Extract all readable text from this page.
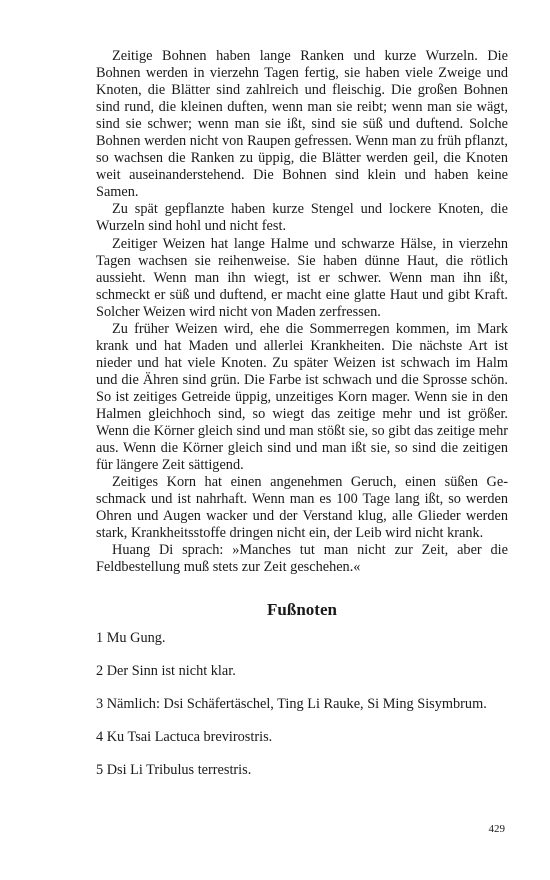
Zeitige Bohnen haben lange Ranken und kurze Wurzeln. Die Bohnen werden in vierzehn Tagen fertig, sie haben viele Zweige und Knoten, die Blätter sind zahlreich und fleischig. Die großen Bohnen sind rund, die kleinen duften, wenn man sie reibt; wenn man sie wägt, sind sie schwer; wenn man sie ißt, sind sie süß und duftend. Solche Bohnen werden nicht von Raupen gefressen. Wenn man zu früh pflanzt, so wachsen die Ranken zu üppig, die Blätter werden geil, die Knoten weit auseinanderstehend. Die Bohnen sind klein und haben keine Samen.

Zu spät gepflanzte haben kurze Stengel und lockere Knoten, die Wurzeln sind hohl und nicht fest.

Zeitiger Weizen hat lange Halme und schwarze Hälse, in vierzehn Tagen wachsen sie reihenweise. Sie haben dünne Haut, die rötlich aussieht. Wenn man ihn wiegt, ist er schwer. Wenn man ihn ißt, schmeckt er süß und duftend, er macht eine glatte Haut und gibt Kraft. Solcher Weizen wird nicht von Maden zerfressen.

Zu früher Weizen wird, ehe die Sommerregen kommen, im Mark krank und hat Maden und allerlei Krankheiten. Die nächste Art ist nieder und hat viele Knoten. Zu später Weizen ist schwach im Halm und die Ähren sind grün. Die Farbe ist schwach und die Sprosse schön. So ist zeitiges Getreide üppig, unzeitiges Korn mager. Wenn sie in den Halmen gleichhoch sind, so wiegt das zeitige mehr und ist größer. Wenn die Körner gleich sind und man stößt sie, so gibt das zeitige mehr aus. Wenn die Körner gleich sind und man ißt sie, so sind die zeitigen für längere Zeit sättigend.

Zeitiges Korn hat einen angenehmen Geruch, einen süßen Geschmack und ist nahrhaft. Wenn man es 100 Tage lang ißt, so werden Ohren und Augen wacker und der Verstand klug, alle Glieder werden stark, Krankheitsstoffe dringen nicht ein, der Leib wird nicht krank.

Huang Di sprach: »Manches tut man nicht zur Zeit, aber die Feldbestellung muß stets zur Zeit geschehen.«

Fußnoten

1 Mu Gung.

2 Der Sinn ist nicht klar.

3 Nämlich: Dsi Schäfertäschel, Ting Li Rauke, Si Ming Sisymbrum.

4 Ku Tsai Lactuca brevirostris.

5 Dsi Li Tribulus terrestris.

429
